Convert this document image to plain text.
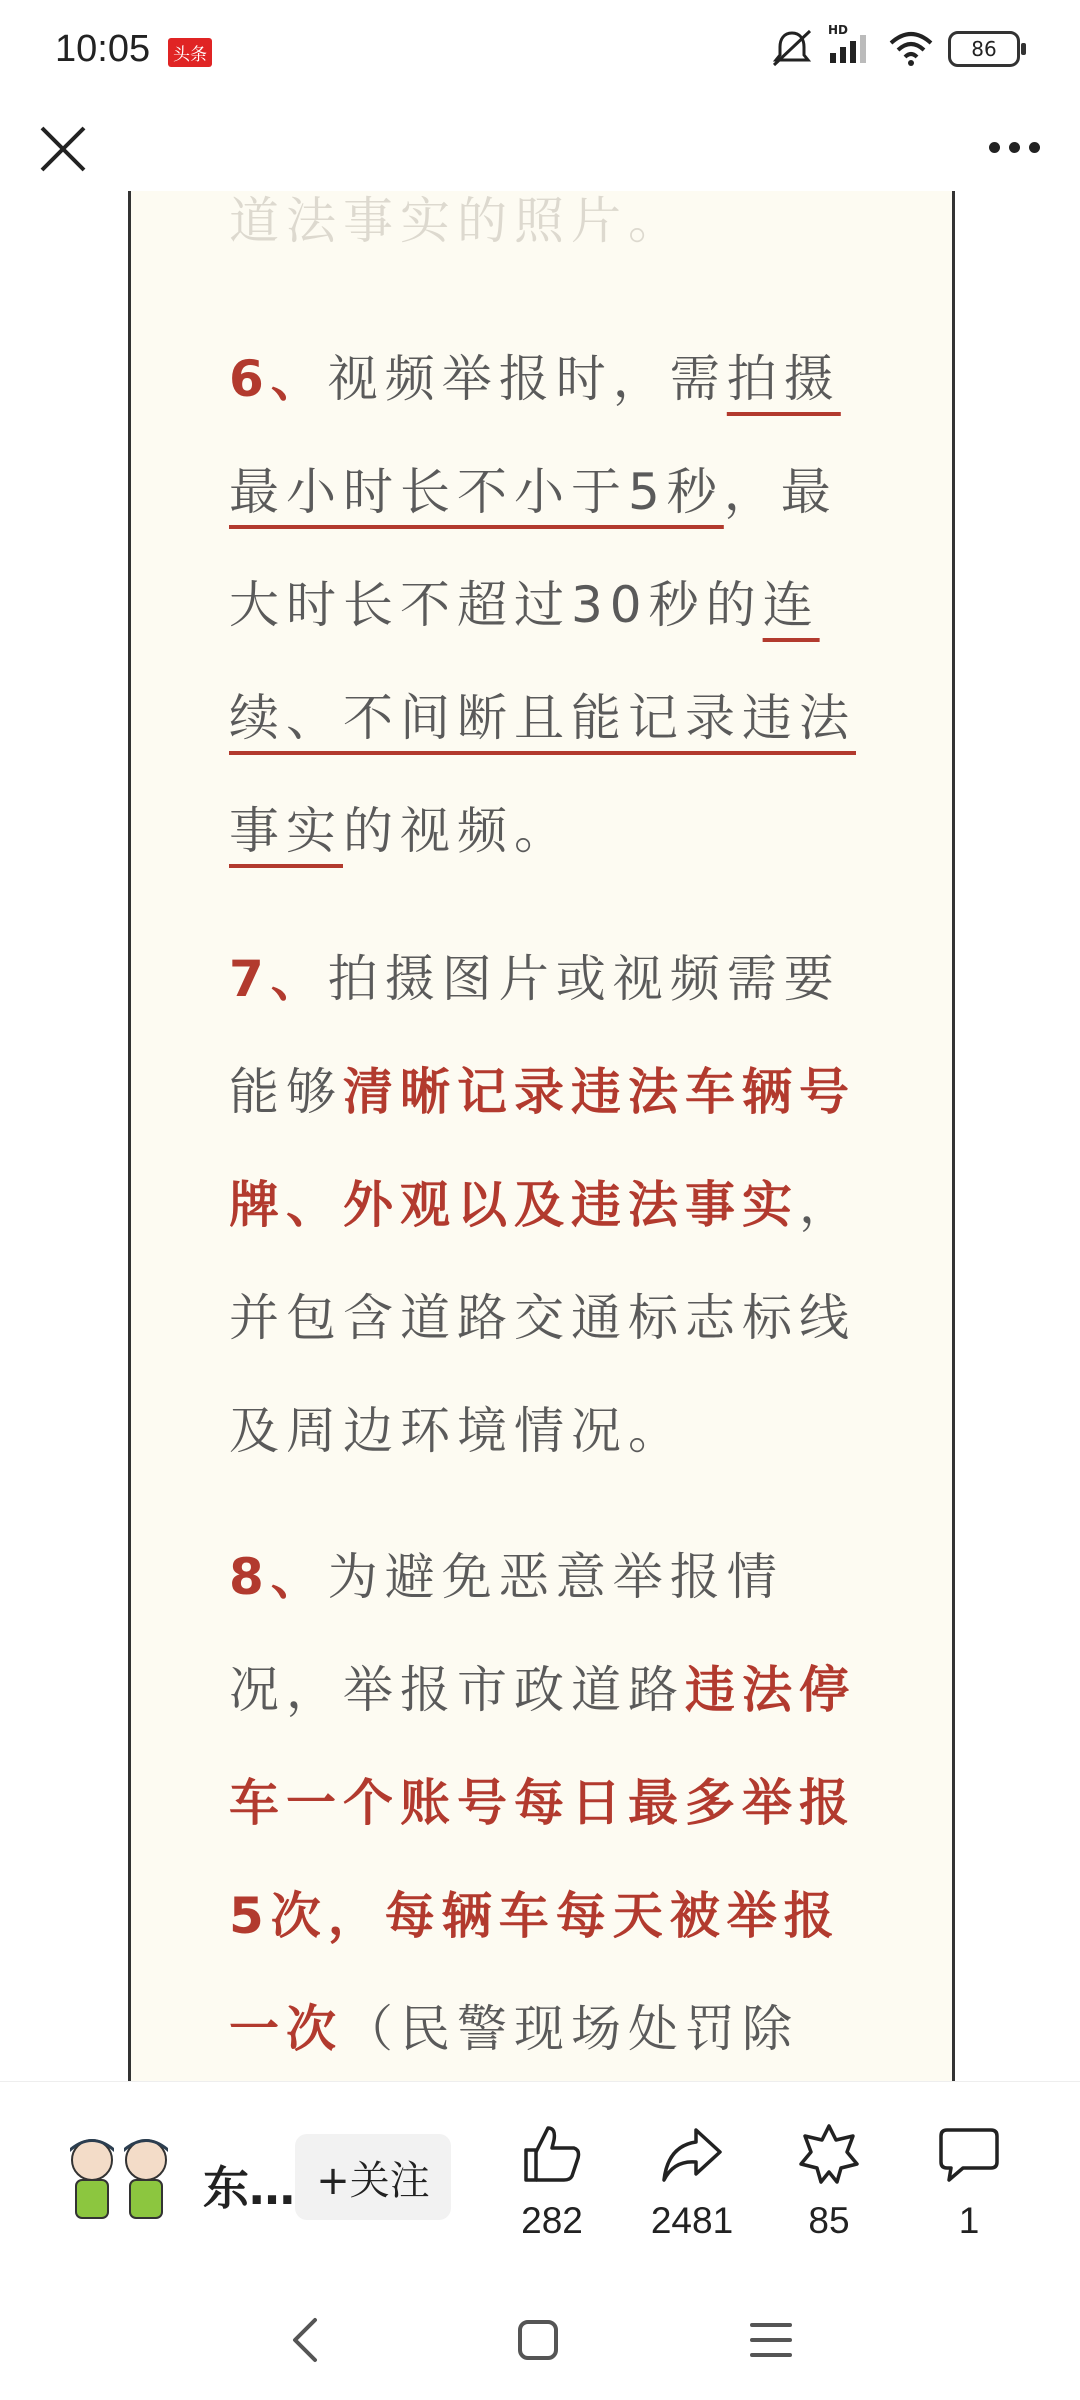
10:05 头条
HD
86
道法事实的照片。
6、视频举报时，需拍摄最小时长不小于5秒，最大时长不超过30秒的连续、不间断且能记录违法事实的视频。
7、拍摄图片或视频需要能够清晰记录违法车辆号牌、外观以及违法事实，并包含道路交通标志标线及周边环境情况。
8、为避免恶意举报情况，举报市政道路违法停车一个账号每日最多举报5次，每辆车每天被举报一次（民警现场处罚除
东… +关注
282	2481	85	1
